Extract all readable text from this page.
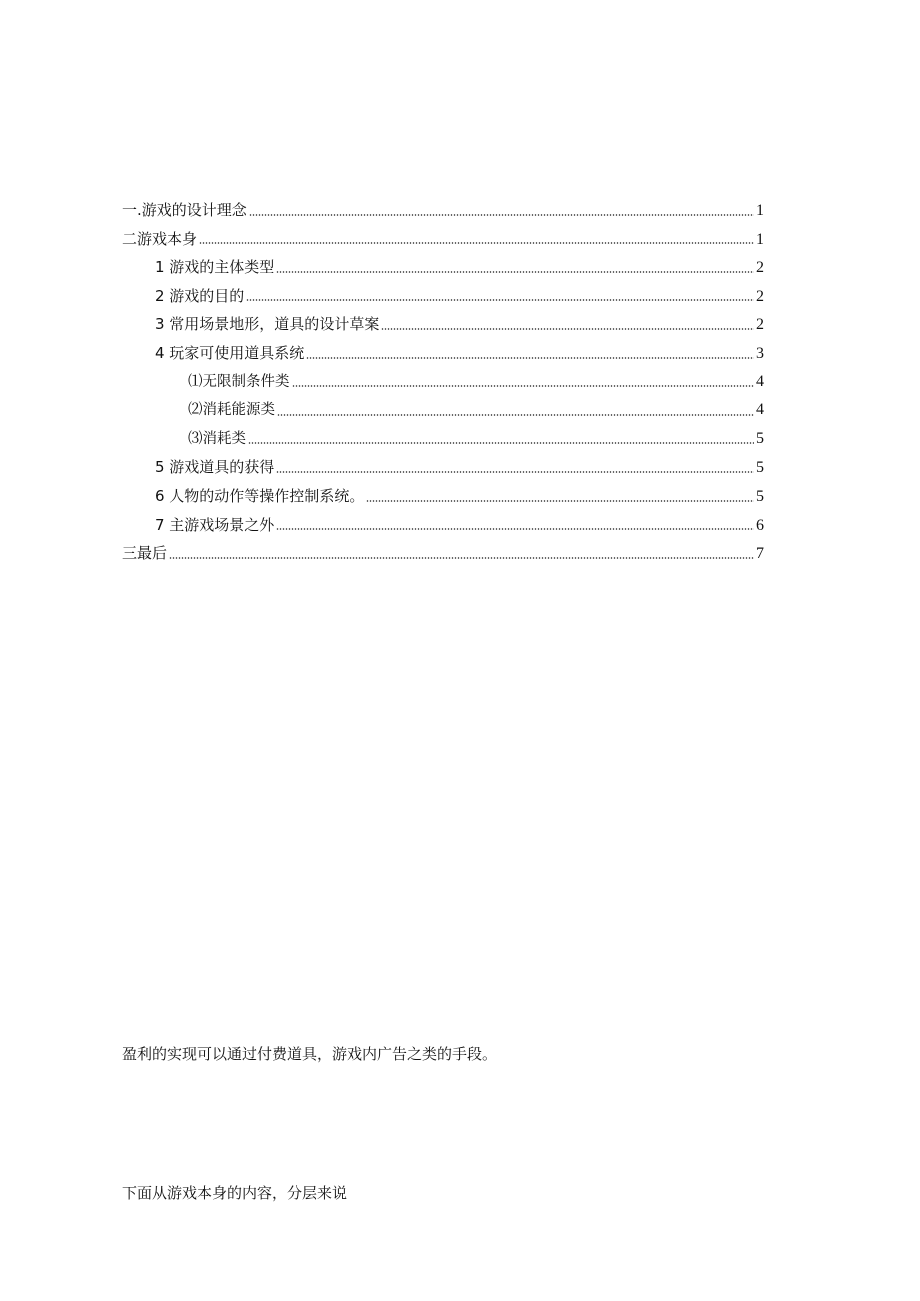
一.游戏的设计理念	1
二游戏本身	1
1 游戏的主体类型	2
2 游戏的目的	2
3 常用场景地形，道具的设计草案	2
4 玩家可使用道具系统	3
⑴无限制条件类	4
⑵消耗能源类	4
⑶消耗类	5
5 游戏道具的获得	5
6 人物的动作等操作控制系统。	5
7 主游戏场景之外	6
三最后	7

盈利的实现可以通过付费道具，游戏内广告之类的手段。

下面从游戏本身的内容，分层来说
